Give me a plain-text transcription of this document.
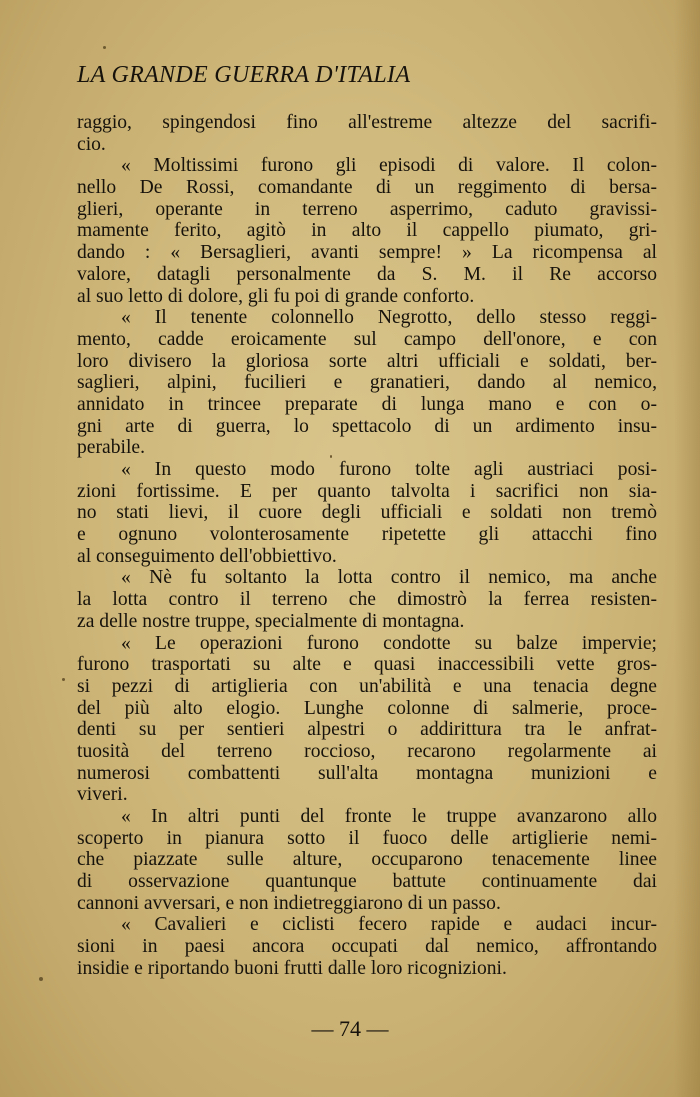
LA GRANDE GUERRA D'ITALIA
raggio, spingendosi fino all'estreme altezze del sacrifi-
cio.
« Moltissimi furono gli episodi di valore. Il colon-
nello De Rossi, comandante di un reggimento di bersa-
glieri, operante in terreno asperrimo, caduto gravissi-
mamente ferito, agitò in alto il cappello piumato, gri-
dando : « Bersaglieri, avanti sempre! » La ricompensa al
valore, datagli personalmente da S. M. il Re accorso
al suo letto di dolore, gli fu poi di grande conforto.
« Il tenente colonnello Negrotto, dello stesso reggi-
mento, cadde eroicamente sul campo dell'onore, e con
loro divisero la gloriosa sorte altri ufficiali e soldati, ber-
saglieri, alpini, fucilieri e granatieri, dando al nemico,
annidato in trincee preparate di lunga mano e con o-
gni arte di guerra, lo spettacolo di un ardimento insu-
perabile.
« In questo modo furono tolte agli austriaci posi-
zioni fortissime. E per quanto talvolta i sacrifici non sia-
no stati lievi, il cuore degli ufficiali e soldati non tremò
e ognuno volonterosamente ripetette gli attacchi fino
al conseguimento dell'obbiettivo.
« Nè fu soltanto la lotta contro il nemico, ma anche
la lotta contro il terreno che dimostrò la ferrea resisten-
za delle nostre truppe, specialmente di montagna.
« Le operazioni furono condotte su balze impervie;
furono trasportati su alte e quasi inaccessibili vette gros-
si pezzi di artiglieria con un'abilità e una tenacia degne
del più alto elogio. Lunghe colonne di salmerie, proce-
denti su per sentieri alpestri o addirittura tra le anfrat-
tuosità del terreno roccioso, recarono regolarmente ai
numerosi combattenti sull'alta montagna munizioni e
viveri.
« In altri punti del fronte le truppe avanzarono allo
scoperto in pianura sotto il fuoco delle artiglierie nemi-
che piazzate sulle alture, occuparono tenacemente linee
di osservazione quantunque battute continuamente dai
cannoni avversari, e non indietreggiarono di un passo.
« Cavalieri e ciclisti fecero rapide e audaci incur-
sioni in paesi ancora occupati dal nemico, affrontando
insidie e riportando buoni frutti dalle loro ricognizioni.
— 74 —
